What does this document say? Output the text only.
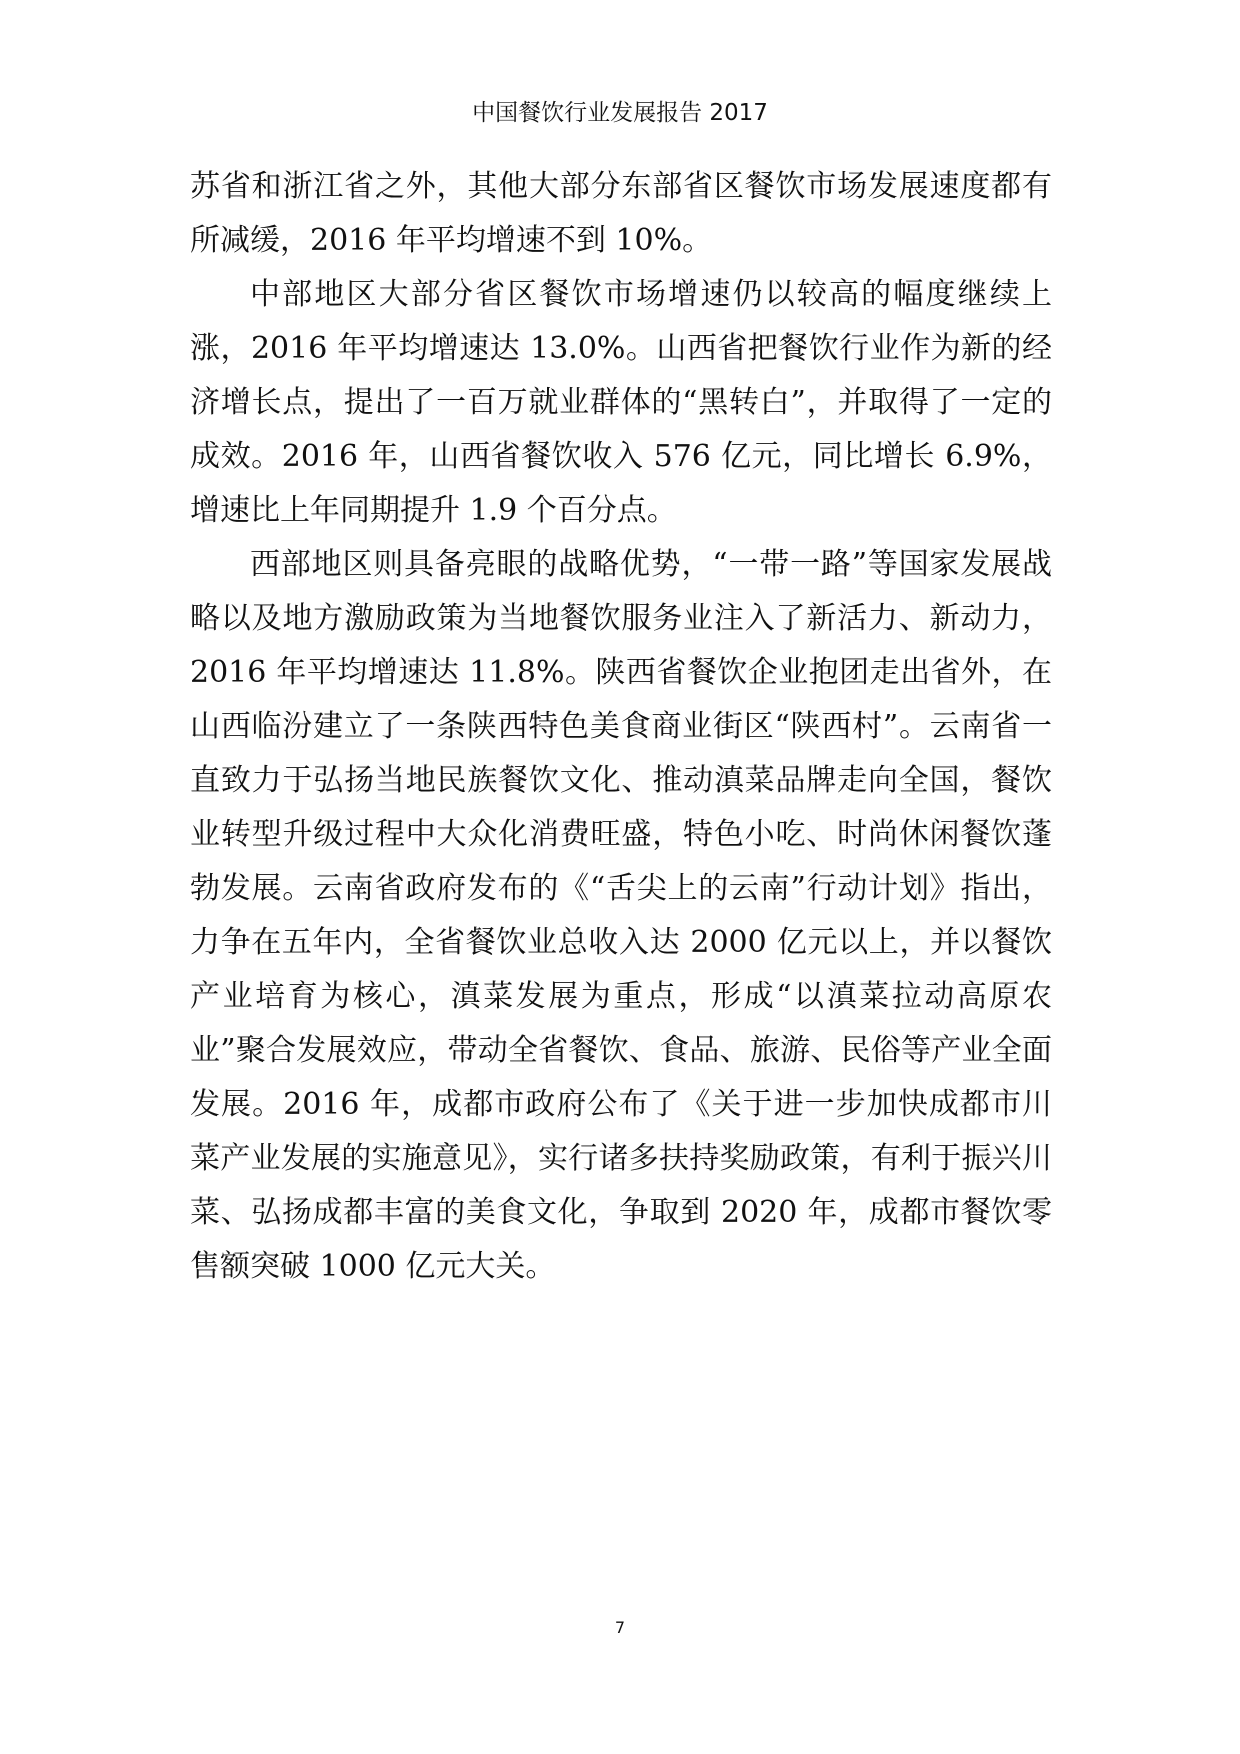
中国餐饮行业发展报告 2017

苏省和浙江省之外，其他大部分东部省区餐饮市场发展速度都有所减缓，2016 年平均增速不到 10%。

中部地区大部分省区餐饮市场增速仍以较高的幅度继续上涨，2016 年平均增速达 13.0%。山西省把餐饮行业作为新的经济增长点，提出了一百万就业群体的“黑转白”，并取得了一定的成效。2016 年，山西省餐饮收入 576 亿元，同比增长 6.9%，增速比上年同期提升 1.9 个百分点。

西部地区则具备亮眼的战略优势，“一带一路”等国家发展战略以及地方激励政策为当地餐饮服务业注入了新活力、新动力，2016 年平均增速达 11.8%。陕西省餐饮企业抱团走出省外，在山西临汾建立了一条陕西特色美食商业街区“陕西村”。云南省一直致力于弘扬当地民族餐饮文化、推动滇菜品牌走向全国，餐饮业转型升级过程中大众化消费旺盛，特色小吃、时尚休闲餐饮蓬勃发展。云南省政府发布的《“舌尖上的云南”行动计划》指出，力争在五年内，全省餐饮业总收入达 2000 亿元以上，并以餐饮产业培育为核心，滇菜发展为重点，形成“以滇菜拉动高原农业”聚合发展效应，带动全省餐饮、食品、旅游、民俗等产业全面发展。2016 年，成都市政府公布了《关于进一步加快成都市川菜产业发展的实施意见》，实行诸多扶持奖励政策，有利于振兴川菜、弘扬成都丰富的美食文化，争取到 2020 年，成都市餐饮零售额突破 1000 亿元大关。

7
